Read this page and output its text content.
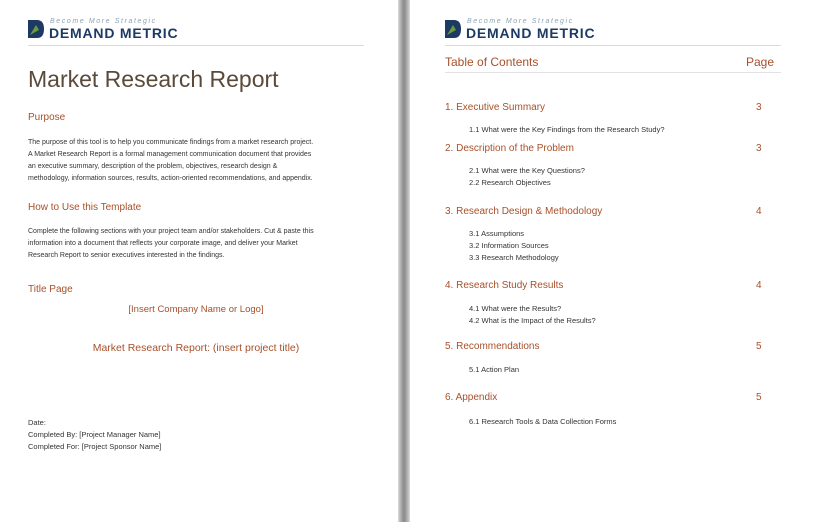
Become More Strategic
DEMAND METRIC
Market Research Report
Purpose
The purpose of this tool is to help you communicate findings from a market research project.
A Market Research Report is a formal management communication document that provides
an executive summary, description of the problem, objectives, research design &
methodology, information sources, results, action-oriented recommendations, and appendix.
How to Use this Template
Complete the following sections with your project team and/or stakeholders. Cut & paste this
information into a document that reflects your corporate image, and deliver your Market
Research Report to senior executives interested in the findings.
Title Page
[Insert Company Name or Logo]
Market Research Report: (insert project title)
Date:
Completed By: [Project Manager Name]
Completed For: [Project Sponsor Name]
Become More Strategic
DEMAND METRIC
Table of Contents	Page
1. Executive Summary	3
1.1 What were the Key Findings from the Research Study?
2. Description of the Problem	3
2.1 What were the Key Questions?
2.2 Research Objectives
3. Research Design & Methodology	4
3.1 Assumptions
3.2 Information Sources
3.3 Research Methodology
4. Research Study Results	4
4.1 What were the Results?
4.2 What is the Impact of the Results?
5. Recommendations	5
5.1 Action Plan
6. Appendix	5
6.1 Research Tools & Data Collection Forms
